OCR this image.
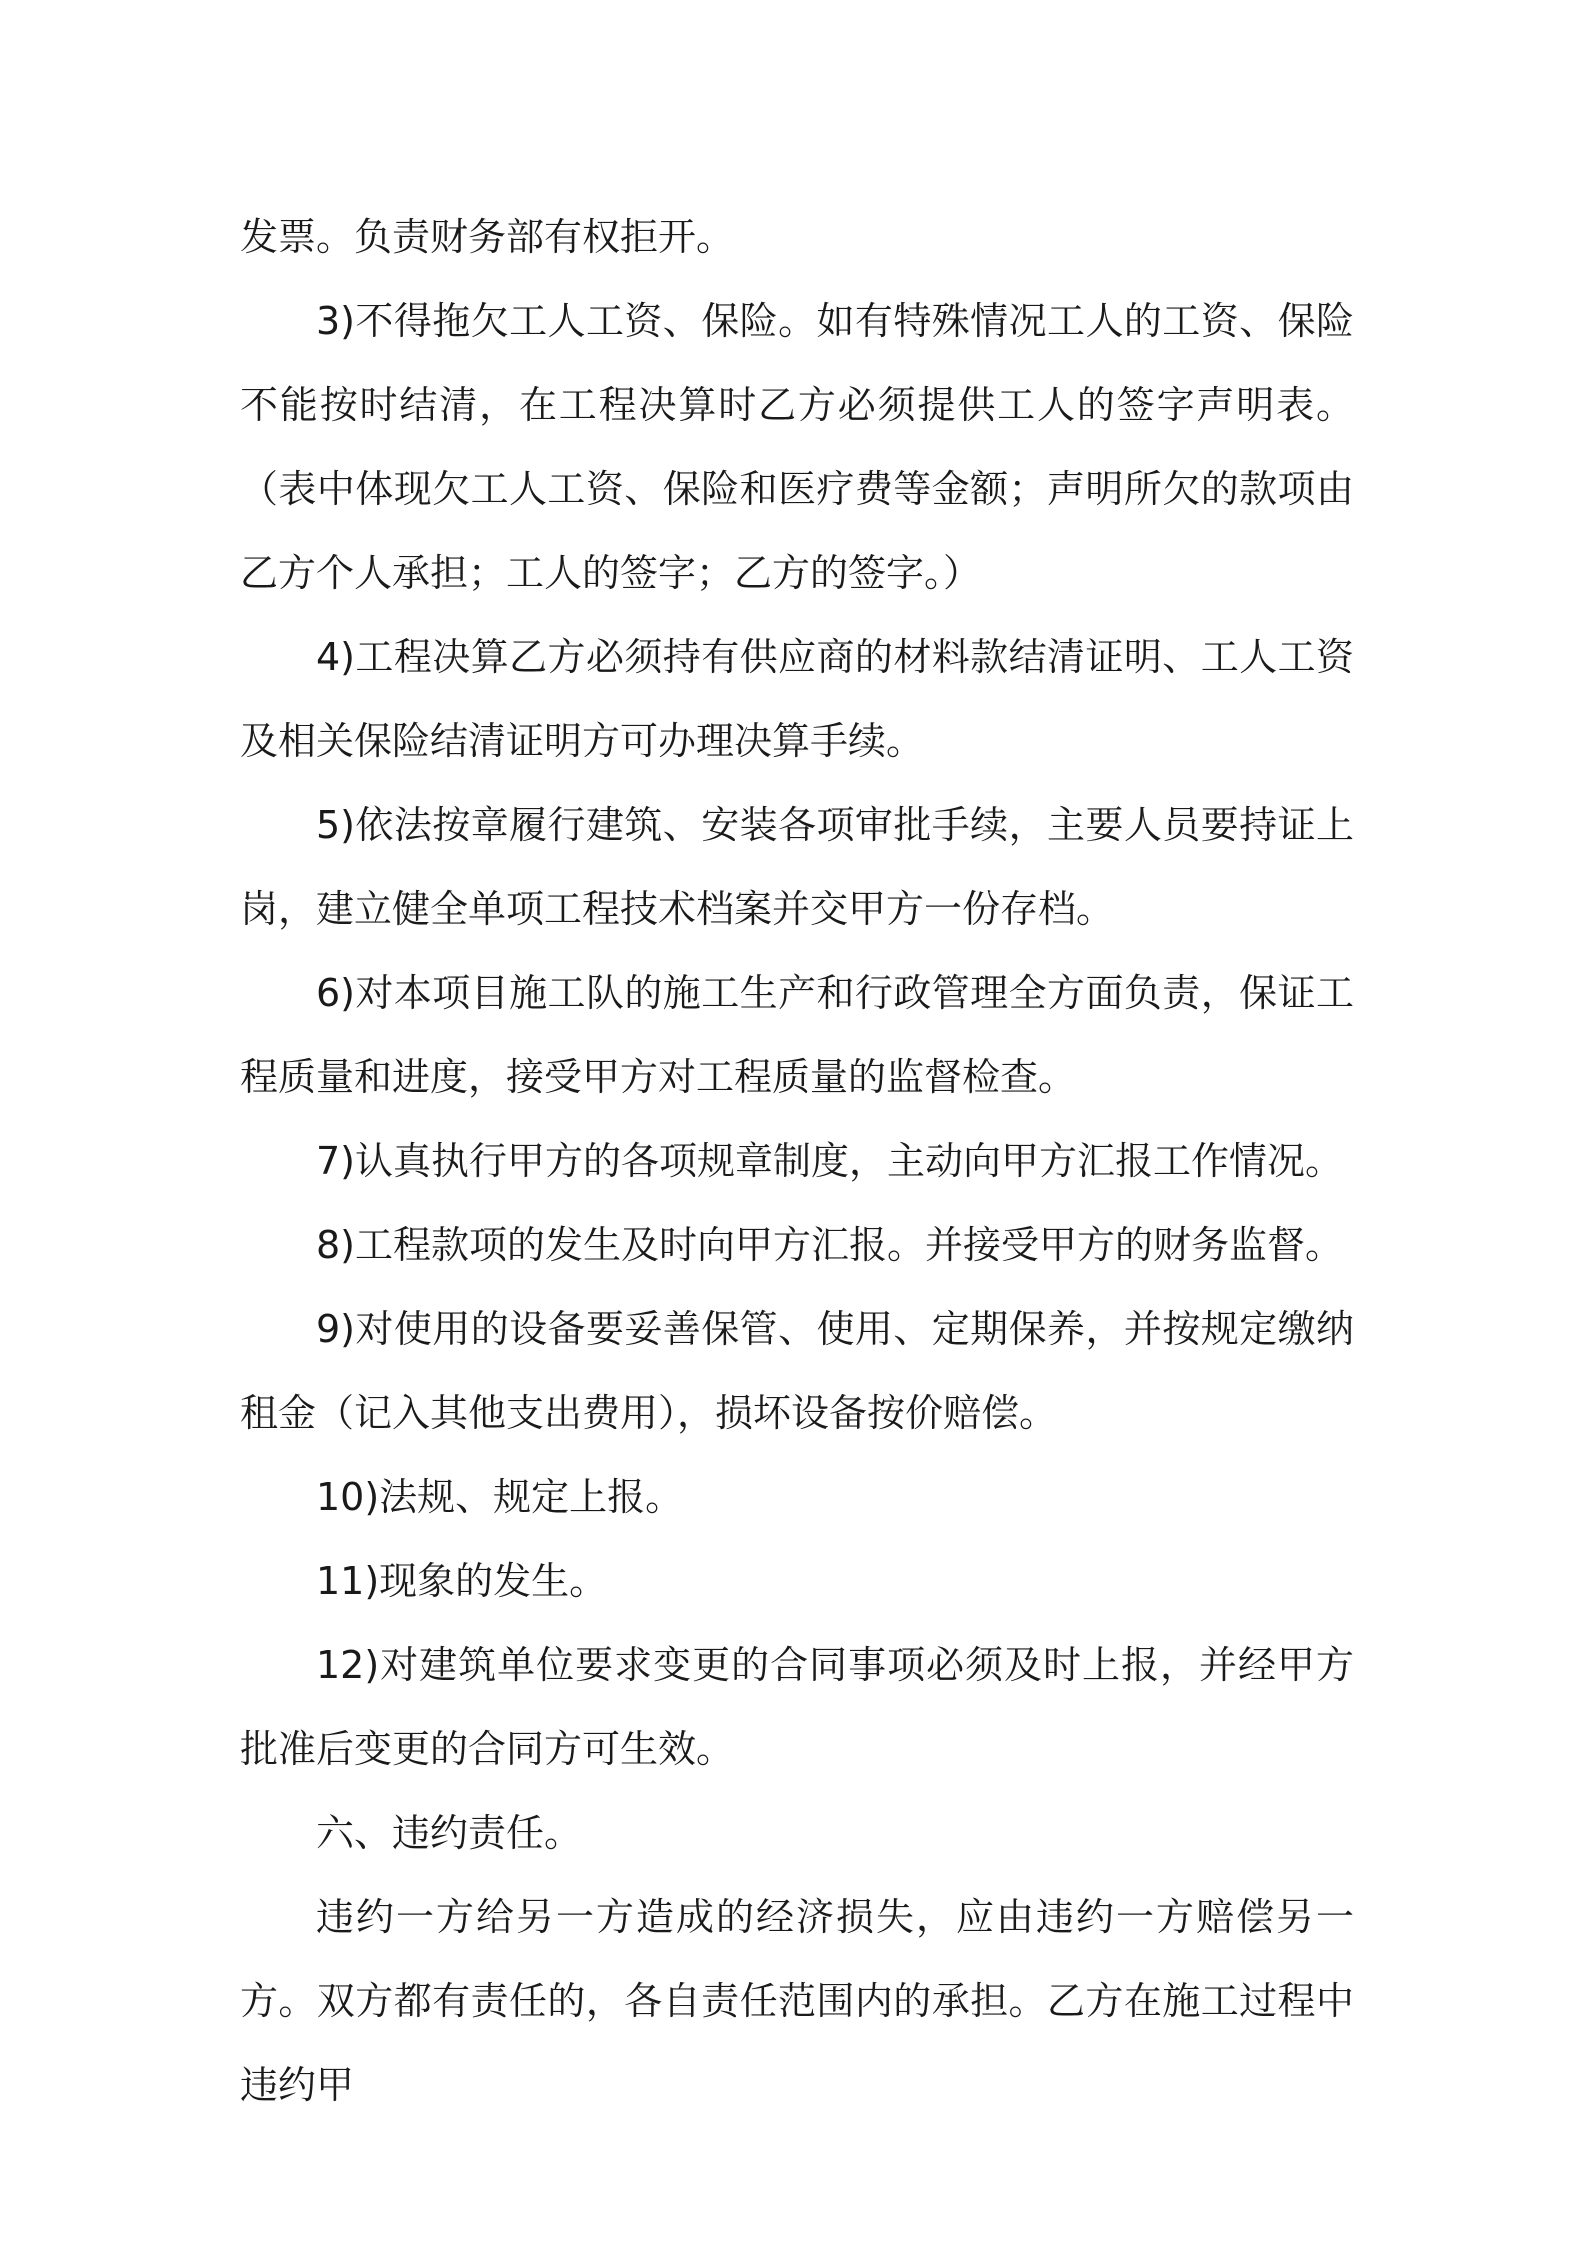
发票。负责财务部有权拒开。

3)不得拖欠工人工资、保险。如有特殊情况工人的工资、保险不能按时结清，在工程决算时乙方必须提供工人的签字声明表。（表中体现欠工人工资、保险和医疗费等金额；声明所欠的款项由乙方个人承担；工人的签字；乙方的签字。）

4)工程决算乙方必须持有供应商的材料款结清证明、工人工资及相关保险结清证明方可办理决算手续。

5)依法按章履行建筑、安装各项审批手续，主要人员要持证上岗，建立健全单项工程技术档案并交甲方一份存档。

6)对本项目施工队的施工生产和行政管理全方面负责，保证工程质量和进度，接受甲方对工程质量的监督检查。

7)认真执行甲方的各项规章制度，主动向甲方汇报工作情况。

8)工程款项的发生及时向甲方汇报。并接受甲方的财务监督。

9)对使用的设备要妥善保管、使用、定期保养，并按规定缴纳租金（记入其他支出费用），损坏设备按价赔偿。

10)法规、规定上报。

11)现象的发生。

12)对建筑单位要求变更的合同事项必须及时上报，并经甲方批准后变更的合同方可生效。

六、违约责任。

违约一方给另一方造成的经济损失，应由违约一方赔偿另一方。双方都有责任的，各自责任范围内的承担。乙方在施工过程中违约甲
